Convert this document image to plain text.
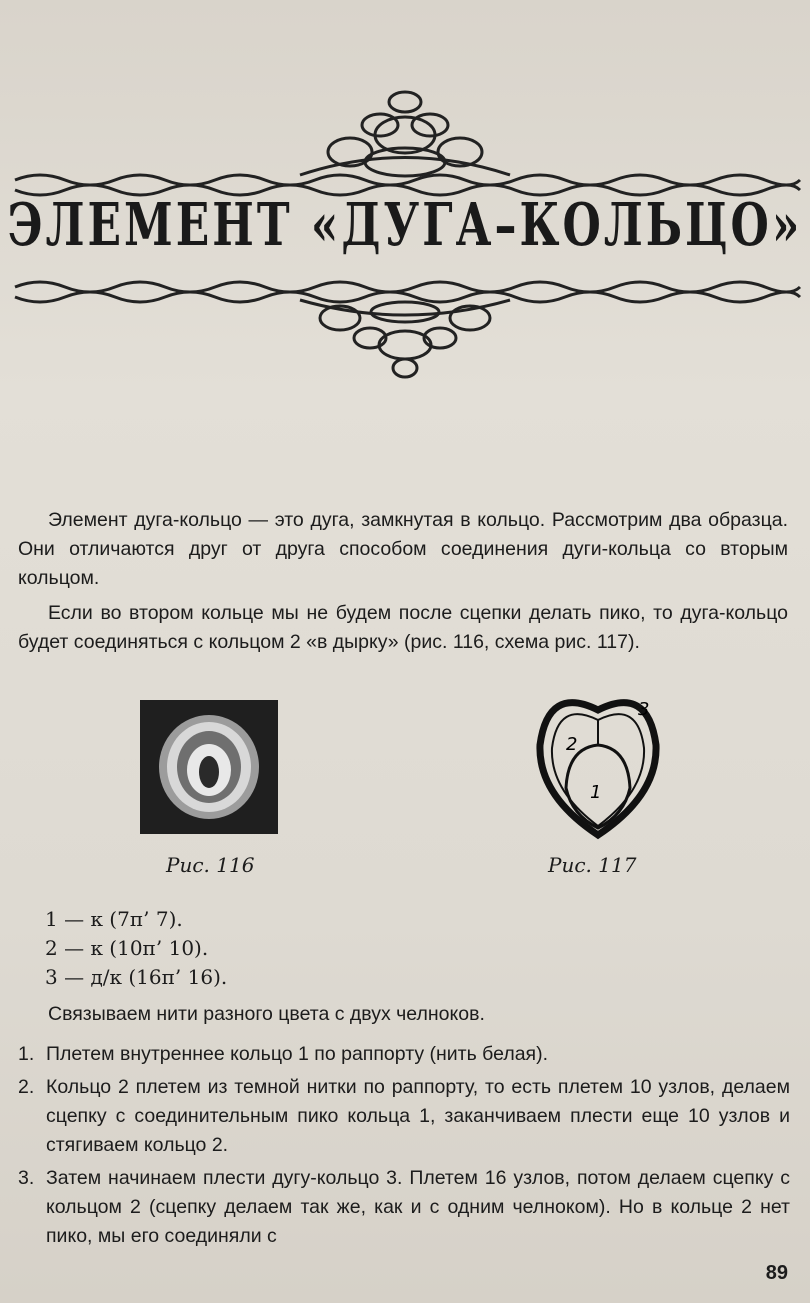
ЭЛЕМЕНТ «ДУГА–КОЛЬЦО»

Элемент дуга-кольцо — это дуга, замкнутая в кольцо. Рассмотрим два образца. Они отличаются друг от друга способом соединения дуги-кольца со вторым кольцом.

Если во втором кольце мы не будем после сцепки делать пико, то дуга-кольцо будет соединяться с кольцом 2 «в дырку» (рис. 116, схема рис. 117).

Рис. 116
1
2
3
Рис. 117
1 — к (7п’ 7).
2 — к (10п’ 10).
3 — д/к (16п’ 16).

Связываем нити разного цвета с двух челноков.

1. Плетем внутреннее кольцо 1 по раппорту (нить белая).
2. Кольцо 2 плетем из темной нитки по раппорту, то есть плетем 10 узлов, делаем сцепку с соединительным пико кольца 1, заканчиваем плести еще 10 узлов и стягиваем кольцо 2.
3. Затем начинаем плести дугу-кольцо 3. Плетем 16 узлов, потом делаем сцепку с кольцом 2 (сцепку делаем так же, как и с одним челноком). Но в кольце 2 нет пико, мы его соединяли с
89
